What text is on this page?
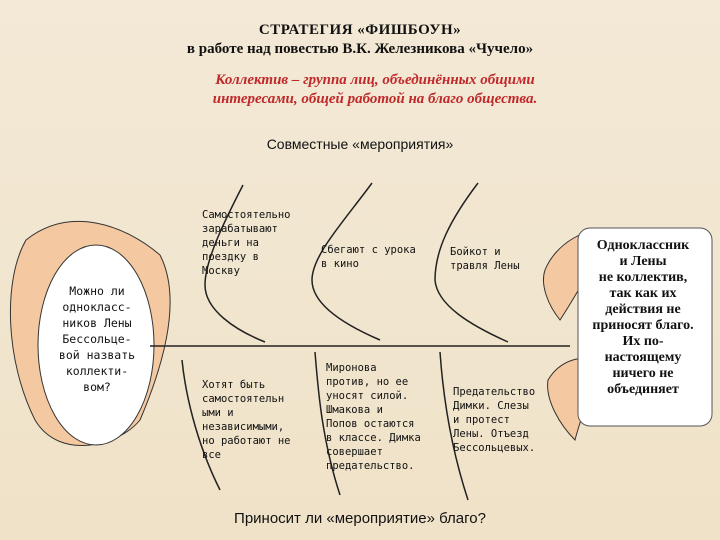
СТРАТЕГИЯ «ФИШБОУН»
в работе над повестью В.К. Железникова «Чучело»
Коллектив – группа лиц, объединённых общими
интересами, общей работой на благо общества.
Совместные «мероприятия»
Можно ли
однокласс-
ников Лены
Бессольце-
вой назвать
коллекти-
вом?
Одноклассник
и Лены
не коллектив,
так как их
действия не
приносят благо.
Их по-
настоящему
ничего не
объединяет
Самостоятельно
зарабатывают
деньги на
поездку в
Москву
Сбегают с урока
в кино
Бойкот и
травля Лены
Хотят быть
самостоятельн
ыми и
независимыми,
но работают не
все
Миронова
против, но ее
уносят силой.
Шмакова и
Попов остаются
в классе. Димка
совершает
предательство.
Предательство
Димки. Слезы
и протест
Лены. Отъезд
Бессольцевых.
Приносит ли «мероприятие» благо?
